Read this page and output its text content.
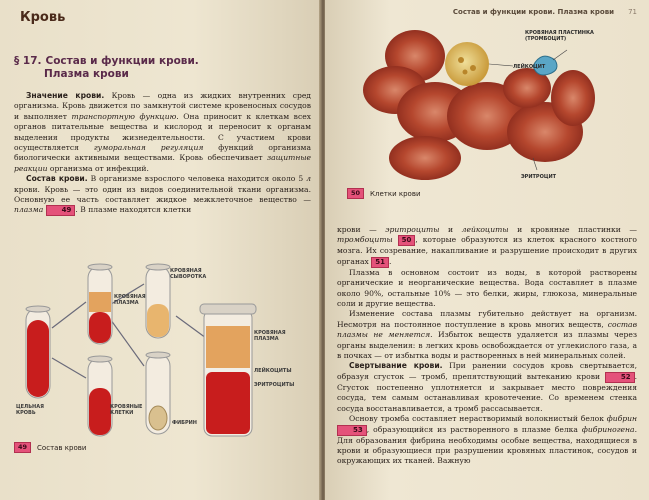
Кровь
§ 17. Состав и функции крови.
Плазма крови

Значение крови. Кровь — одна из жидких внутренних сред организма. Кровь движется по замкнутой системе кровеносных сосудов и выполняет транспортную функцию. Она приносит к клеткам всех органов питательные вещества и кислород и переносит к органам выделения продукты жизнедеятельности. С участием крови осуществляется гуморальная регуляция функций организма биологически активными веществами. Кровь обеспечивает защитные реакции организма от инфекций.

Состав крови. В организме взрослого человека находится около 5 л крови. Кровь — это один из видов соединительной ткани организма. Основную ее часть составляет жидкое межклеточное вещество — плазма	49 . В плазме находятся клетки

ЦЕЛЬНАЯ КРОВЬ
КРОВЯНАЯ ПЛАЗМА
КРОВЯНАЯ СЫВОРОТКА
КРОВЯНЫЕ КЛЕТКИ
ФИБРИН
КРОВЯНАЯ ПЛАЗМА
ЛЕЙКОЦИТЫ
ЭРИТРОЦИТЫ
49	Состав крови
Состав и функции крови. Плазма крови 71
КРОВЯНАЯ ПЛАСТИНКА (ТРОМБОЦИТ)
ЛЕЙКОЦИТ
ЭРИТРОЦИТ
50	Клетки крови

крови — эритроциты и лейкоциты и кровяные пластинки — тромбоциты 50 , которые образуются из клеток красного костного мозга. Их созревание, накапливание и разрушение происходит в других органах 51 .

Плазма в основном состоит из воды, в которой растворены органические и неорганические вещества. Вода составляет в плазме около 90%, остальные 10% — это белки, жиры, глюкоза, минеральные соли и другие вещества.

Изменение состава плазмы губительно действует на организм. Несмотря на постоянное поступление в кровь многих веществ, состав плазмы не меняется. Избыток веществ удаляется из плазмы через органы выделения: в легких кровь освобождается от углекислого газа, а в почках — от избытка воды и растворенных в ней минеральных солей.

Свертывание крови. При ранении сосудов кровь свертывается, образуя сгусток — тромб, препятствующий вытеканию крови	52 . Сгусток постепенно уплотняется и закрывает место повреждения сосуда, тем самым останавливая кровотечение. Со временем стенка сосуда восстанавливается, а тромб рассасывается.

Основу тромба составляет нерастворимый волокнистый белок фибрин 53 , образующийся из растворенного в плазме белка фибриногена. Для образования фибрина необходимы особые вещества, находящиеся в крови и образующиеся при разрушении кровяных пластинок, сосудов и окружающих их тканей. Важную
